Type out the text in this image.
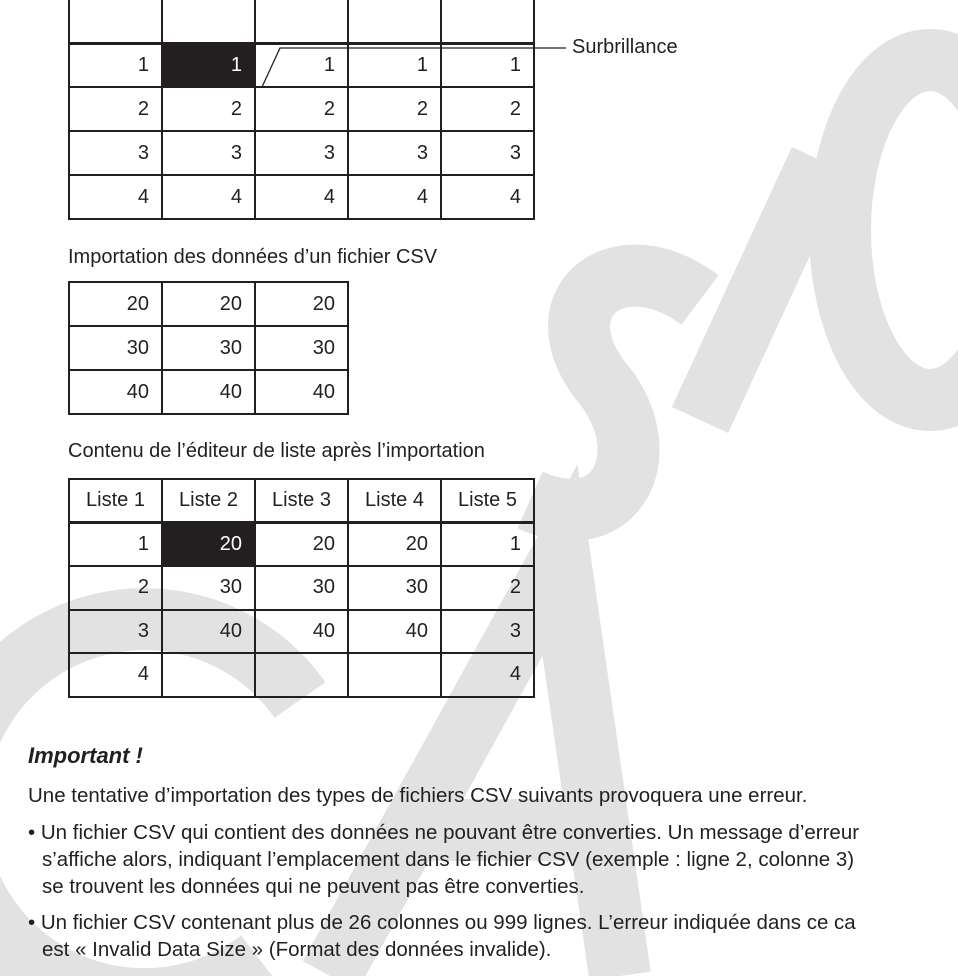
1	1	1	1	1
2	2	2	2	2
3	3	3	3	3
4	4	4	4	4
Surbrillance
Importation des données d’un fichier CSV
20	20	20
30	30	30
40	40	40
Contenu de l’éditeur de liste après l’importation
Liste 1	Liste 2	Liste 3	Liste 4	Liste 5
1	20	20	20	1
2	30	30	30	2
3	40	40	40	3
4				4
Important !
Une tentative d’importation des types de fichiers CSV suivants provoquera une erreur.
• Un fichier CSV qui contient des données ne pouvant être converties. Un message d’erreur
s’affiche alors, indiquant l’emplacement dans le fichier CSV (exemple : ligne 2, colonne 3)
se trouvent les données qui ne peuvent pas être converties.
• Un fichier CSV contenant plus de 26 colonnes ou 999 lignes. L’erreur indiquée dans ce ca
est « Invalid Data Size » (Format des données invalide).
